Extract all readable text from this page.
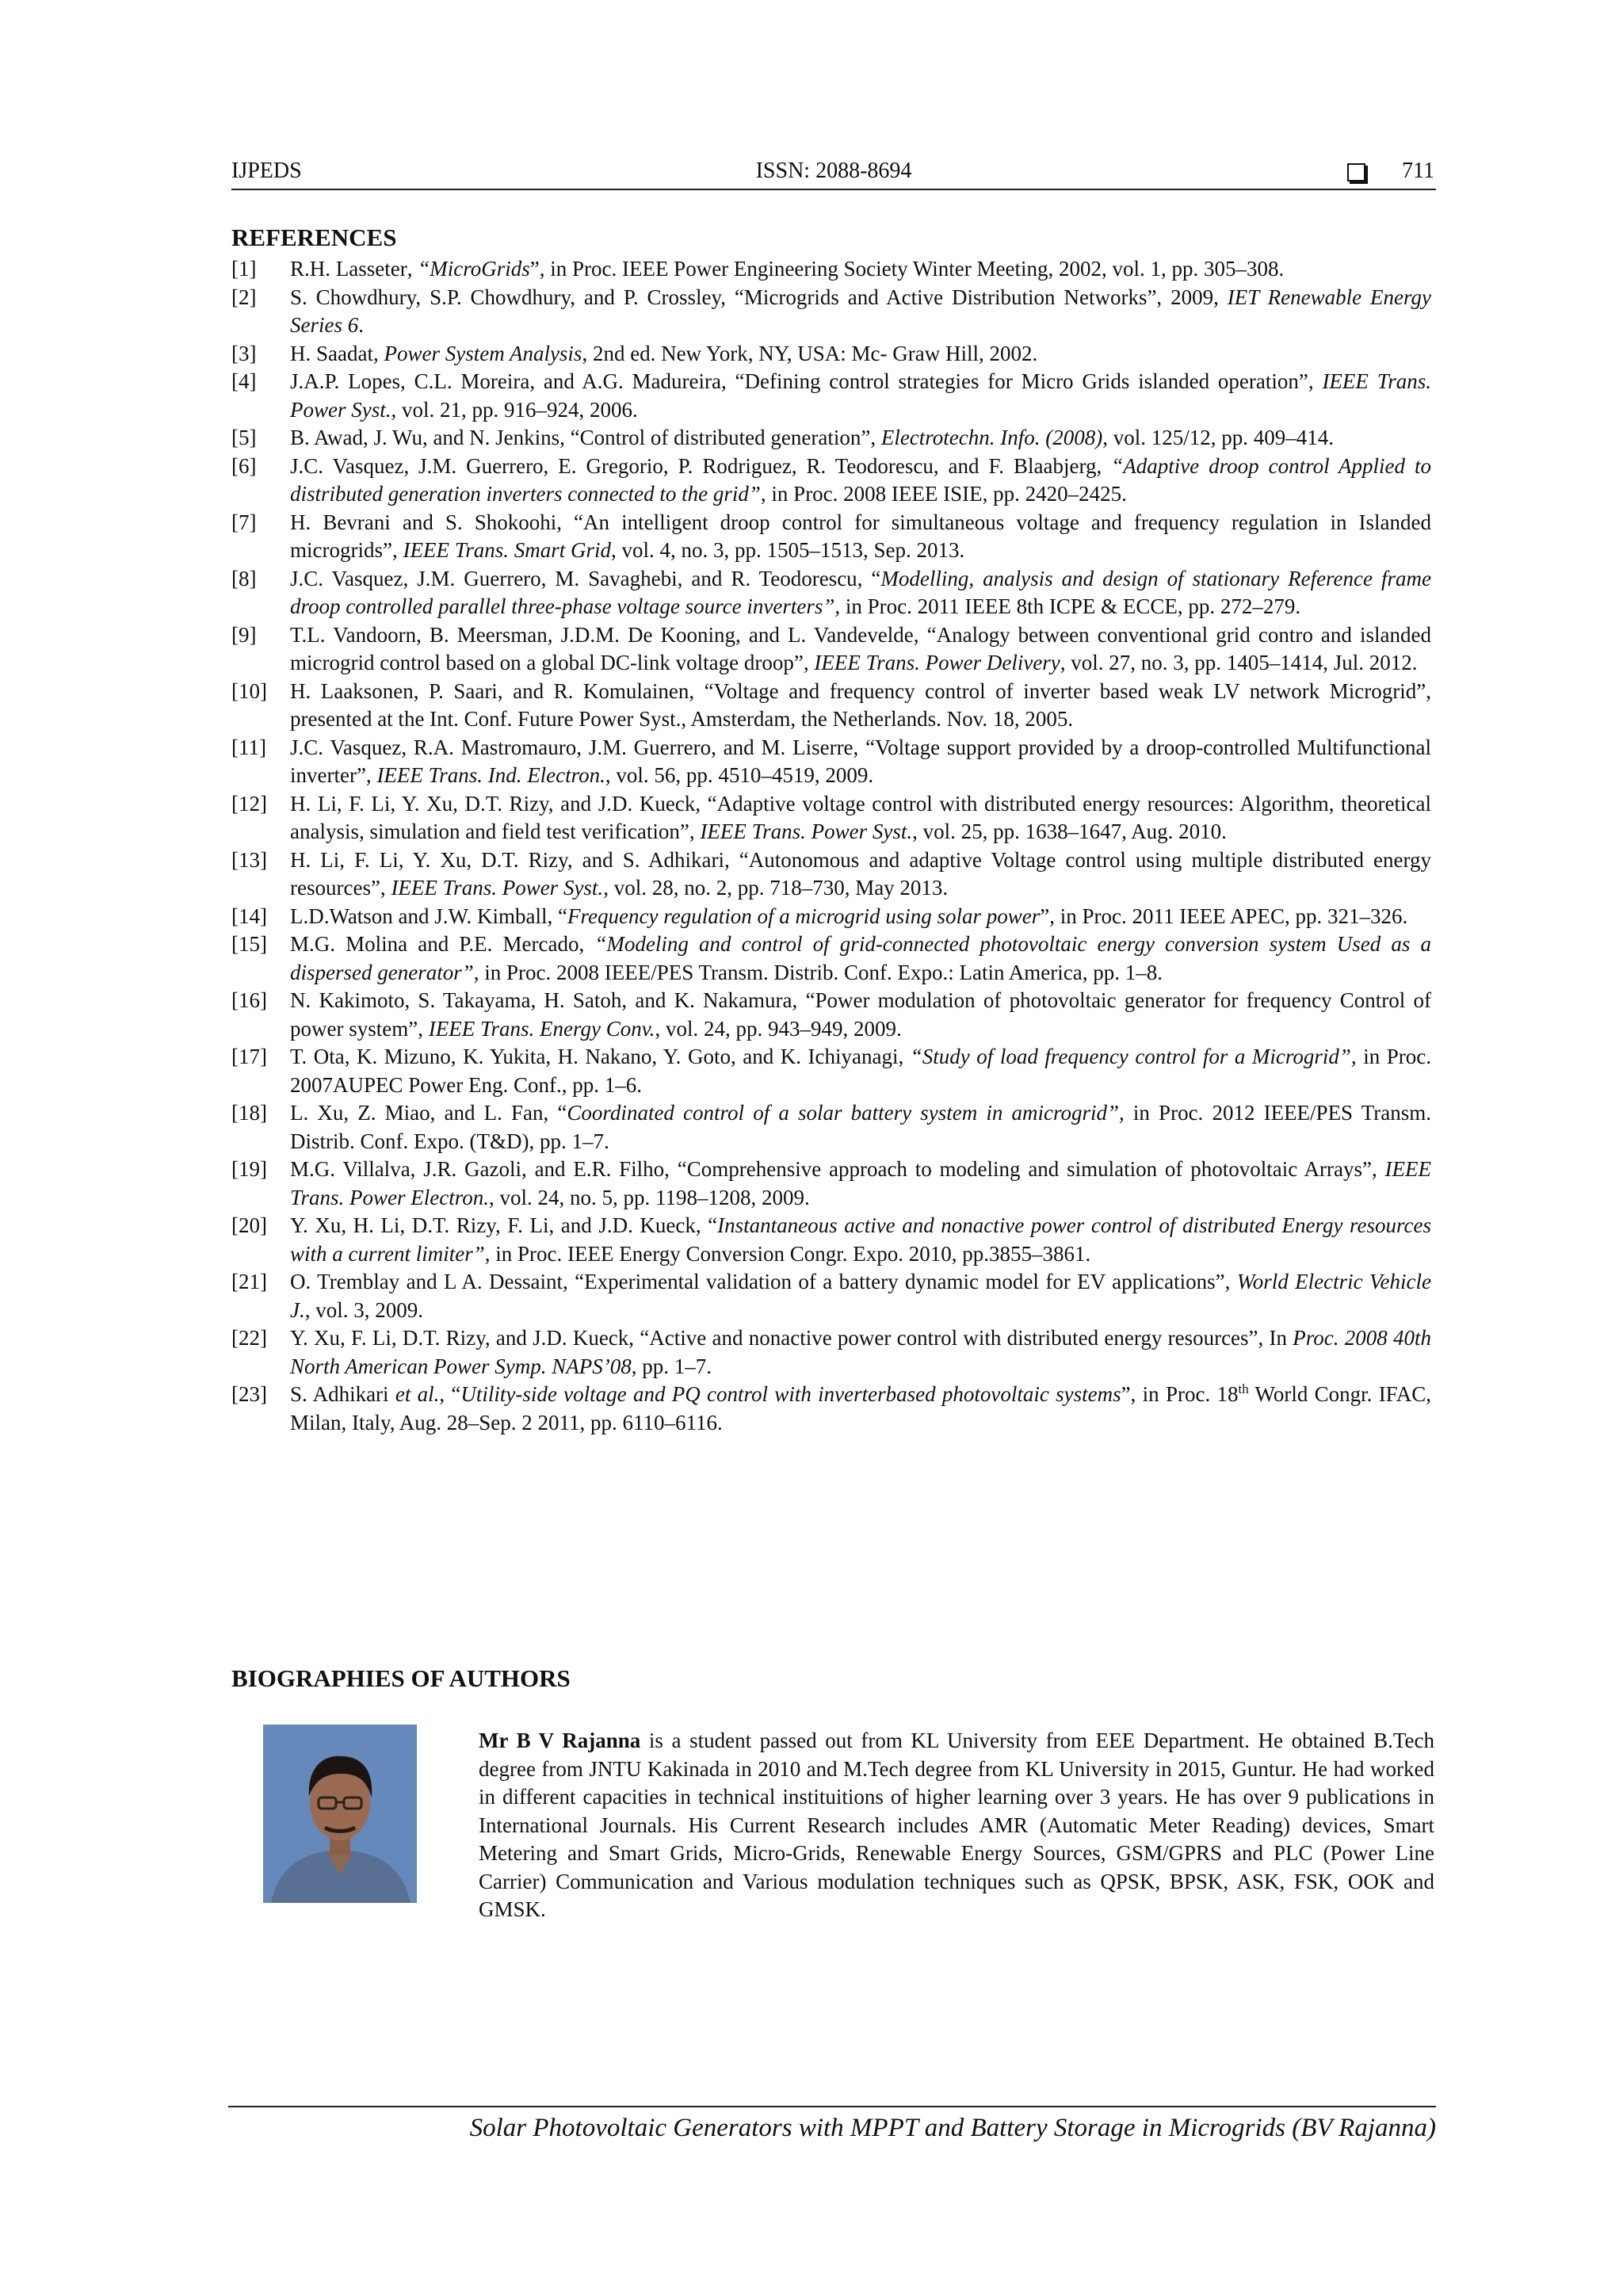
IJPEDS	ISSN: 2088-8694	711
REFERENCES
[1]	R.H. Lasseter, “MicroGrids”, in Proc. IEEE Power Engineering Society Winter Meeting, 2002, vol. 1, pp. 305–308.
[2]	S. Chowdhury, S.P. Chowdhury, and P. Crossley, “Microgrids and Active Distribution Networks”, 2009, IET Renewable Energy Series 6.
[3]	H. Saadat, Power System Analysis, 2nd ed. New York, NY, USA: Mc- Graw Hill, 2002.
[4]	J.A.P. Lopes, C.L. Moreira, and A.G. Madureira, “Defining control strategies for Micro Grids islanded operation”, IEEE Trans. Power Syst., vol. 21, pp. 916–924, 2006.
[5]	B. Awad, J. Wu, and N. Jenkins, “Control of distributed generation”, Electrotechn. Info. (2008), vol. 125/12, pp. 409–414.
[6]	J.C. Vasquez, J.M. Guerrero, E. Gregorio, P. Rodriguez, R. Teodorescu, and F. Blaabjerg, “Adaptive droop control Applied to distributed generation inverters connected to the grid”, in Proc. 2008 IEEE ISIE, pp. 2420–2425.
[7]	H. Bevrani and S. Shokoohi, “An intelligent droop control for simultaneous voltage and frequency regulation in Islanded microgrids”, IEEE Trans. Smart Grid, vol. 4, no. 3, pp. 1505–1513, Sep. 2013.
[8]	J.C. Vasquez, J.M. Guerrero, M. Savaghebi, and R. Teodorescu, “Modelling, analysis and design of stationary Reference frame droop controlled parallel three-phase voltage source inverters”, in Proc. 2011 IEEE 8th ICPE & ECCE, pp. 272–279.
[9]	T.L. Vandoorn, B. Meersman, J.D.M. De Kooning, and L. Vandevelde, “Analogy between conventional grid contro and islanded microgrid control based on a global DC-link voltage droop”, IEEE Trans. Power Delivery, vol. 27, no. 3, pp. 1405–1414, Jul. 2012.
[10]	H. Laaksonen, P. Saari, and R. Komulainen, “Voltage and frequency control of inverter based weak LV network Microgrid”, presented at the Int. Conf. Future Power Syst., Amsterdam, the Netherlands. Nov. 18, 2005.
[11]	J.C. Vasquez, R.A. Mastromauro, J.M. Guerrero, and M. Liserre, “Voltage support provided by a droop-controlled Multifunctional inverter”, IEEE Trans. Ind. Electron., vol. 56, pp. 4510–4519, 2009.
[12]	H. Li, F. Li, Y. Xu, D.T. Rizy, and J.D. Kueck, “Adaptive voltage control with distributed energy resources: Algorithm, theoretical analysis, simulation and field test verification”, IEEE Trans. Power Syst., vol. 25, pp. 1638–1647, Aug. 2010.
[13]	H. Li, F. Li, Y. Xu, D.T. Rizy, and S. Adhikari, “Autonomous and adaptive Voltage control using multiple distributed energy resources”, IEEE Trans. Power Syst., vol. 28, no. 2, pp. 718–730, May 2013.
[14]	L.D.Watson and J.W. Kimball, “Frequency regulation of a microgrid using solar power”, in Proc. 2011 IEEE APEC, pp. 321–326.
[15]	M.G. Molina and P.E. Mercado, “Modeling and control of grid-connected photovoltaic energy conversion system Used as a dispersed generator”, in Proc. 2008 IEEE/PES Transm. Distrib. Conf. Expo.: Latin America, pp. 1–8.
[16]	N. Kakimoto, S. Takayama, H. Satoh, and K. Nakamura, “Power modulation of photovoltaic generator for frequency Control of power system”, IEEE Trans. Energy Conv., vol. 24, pp. 943–949, 2009.
[17]	T. Ota, K. Mizuno, K. Yukita, H. Nakano, Y. Goto, and K. Ichiyanagi, “Study of load frequency control for a Microgrid”, in Proc. 2007AUPEC Power Eng. Conf., pp. 1–6.
[18]	L. Xu, Z. Miao, and L. Fan, “Coordinated control of a solar battery system in amicrogrid”, in Proc. 2012 IEEE/PES Transm. Distrib. Conf. Expo. (T&D), pp. 1–7.
[19]	M.G. Villalva, J.R. Gazoli, and E.R. Filho, “Comprehensive approach to modeling and simulation of photovoltaic Arrays”, IEEE Trans. Power Electron., vol. 24, no. 5, pp. 1198–1208, 2009.
[20]	Y. Xu, H. Li, D.T. Rizy, F. Li, and J.D. Kueck, “Instantaneous active and nonactive power control of distributed Energy resources with a current limiter”, in Proc. IEEE Energy Conversion Congr. Expo. 2010, pp.3855–3861.
[21]	O. Tremblay and L A. Dessaint, “Experimental validation of a battery dynamic model for EV applications”, World Electric Vehicle J., vol. 3, 2009.
[22]	Y. Xu, F. Li, D.T. Rizy, and J.D. Kueck, “Active and nonactive power control with distributed energy resources”, In Proc. 2008 40th North American Power Symp. NAPS’08, pp. 1–7.
[23]	S. Adhikari et al., “Utility-side voltage and PQ control with inverterbased photovoltaic systems”, in Proc. 18th World Congr. IFAC, Milan, Italy, Aug. 28–Sep. 2 2011, pp. 6110–6116.
BIOGRAPHIES OF AUTHORS
Mr B V Rajanna is a student passed out from KL University from EEE Department. He obtained B.Tech degree from JNTU Kakinada in 2010 and M.Tech degree from KL University in 2015, Guntur. He had worked in different capacities in technical instituitions of higher learning over 3 years. He has over 9 publications in International Journals. His Current Research includes AMR (Automatic Meter Reading) devices, Smart Metering and Smart Grids, Micro-Grids, Renewable Energy Sources, GSM/GPRS and PLC (Power Line Carrier) Communication and Various modulation techniques such as QPSK, BPSK, ASK, FSK, OOK and GMSK.
Solar Photovoltaic Generators with MPPT and Battery Storage in Microgrids (BV Rajanna)
